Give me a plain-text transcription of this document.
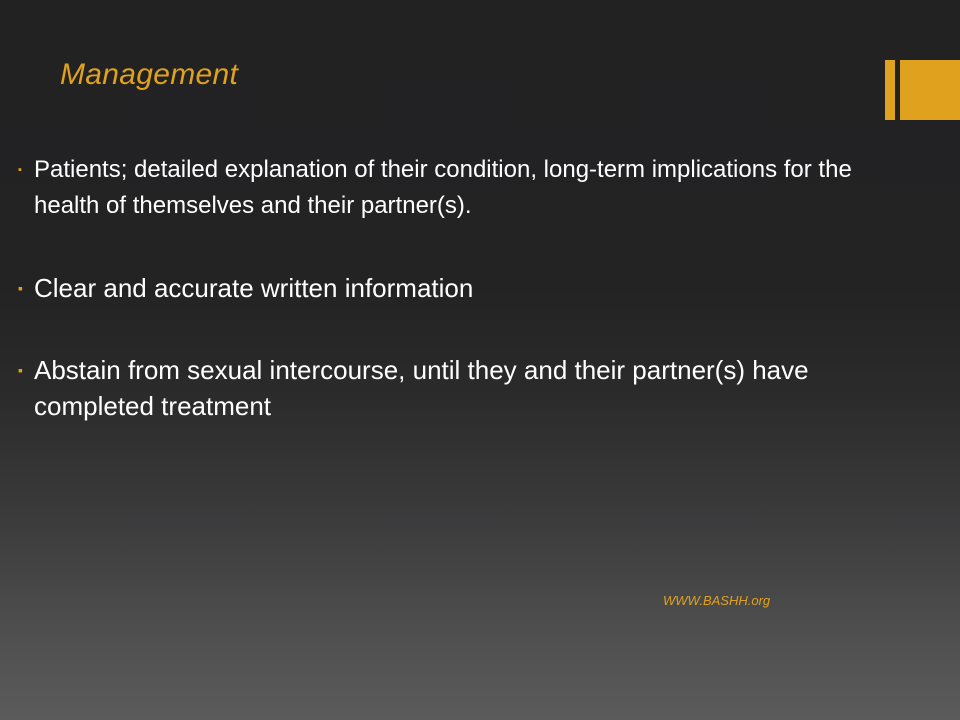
Management
▪ Patients; detailed explanation of their condition, long-term implications for the health of themselves and their partner(s).
▪ Clear and accurate written information
▪ Abstain from sexual intercourse, until they and their partner(s) have completed treatment
WWW.BASHH.org
